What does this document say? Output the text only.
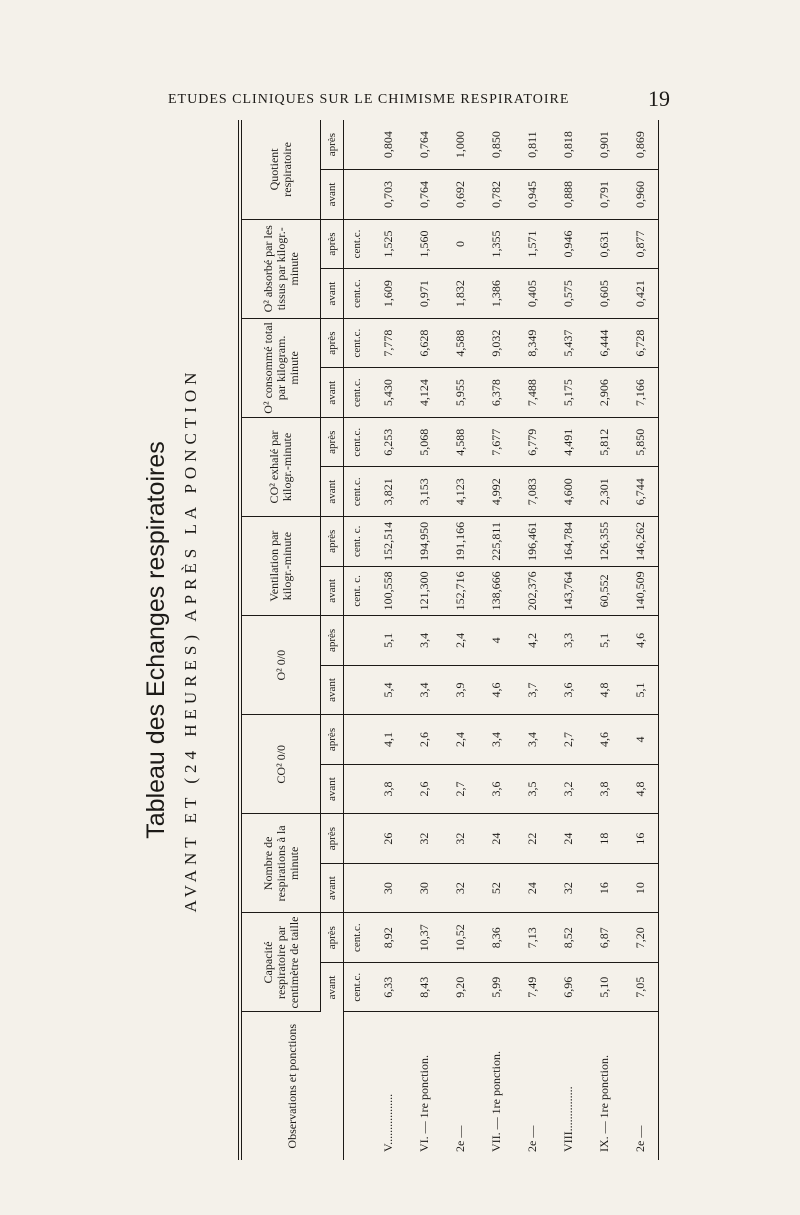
ETUDES CLINIQUES SUR LE CHIMISME RESPIRATOIRE	19
Tableau des Echanges respiratoires AVANT ET (24 HEURES) APRÈS LA PONCTION
Observations et ponctions	Capacité respiratoire par centimètre de taille		Nombre de respirations à la minute		CO² 0/0		O² 0/0		Ventilation par kilogr.-minute		CO² exhalé par kilogr.-minute		O² consommé total par kilogram. minute		O² absorbé par les tissus par kilogr.-minute		Quotient respiratoire	
	avant	après	avant	après	avant	après	avant	après	avant	après	avant	après	avant	après	avant	après	avant	après
	cent.c.	cent.c.							cent. c.	cent. c.	cent.c.	cent.c.	cent.c.	cent.c.	cent.c.	cent.c.		
V.................	6,33	8,92	30	26	3,8	4,1	5,4	5,1	100,558	152,514	3,821	6,253	5,430	7,778	1,609	1,525	0,703	0,804
VI. — 1re ponction.	8,43	10,37	30	32	2,6	2,6	3,4	3,4	121,300	194,950	3,153	5,068	4,124	6,628	0,971	1,560	0,764	0,764
2e —	9,20	10,52	32	32	2,7	2,4	3,9	2,4	152,716	191,166	4,123	4,588	5,955	4,588	1,832	0	0,692	1,000
VII. — 1re ponction.	5,99	8,36	52	24	3,6	3,4	4,6	4	138,666	225,811	4,992	7,677	6,378	9,032	1,386	1,355	0,782	0,850
2e —	7,49	7,13	24	22	3,5	3,4	3,7	4,2	202,376	196,461	7,083	6,779	7,488	8,349	0,405	1,571	0,945	0,811
VIII...............	6,96	8,52	32	24	3,2	2,7	3,6	3,3	143,764	164,784	4,600	4,491	5,175	5,437	0,575	0,946	0,888	0,818
IX. — 1re ponction.	5,10	6,87	16	18	3,8	4,6	4,8	5,1	60,552	126,355	2,301	5,812	2,906	6,444	0,605	0,631	0,791	0,901
2e —	7,05	7,20	10	16	4,8	4	5,1	4,6	140,509	146,262	6,744	5,850	7,166	6,728	0,421	0,877	0,960	0,869
